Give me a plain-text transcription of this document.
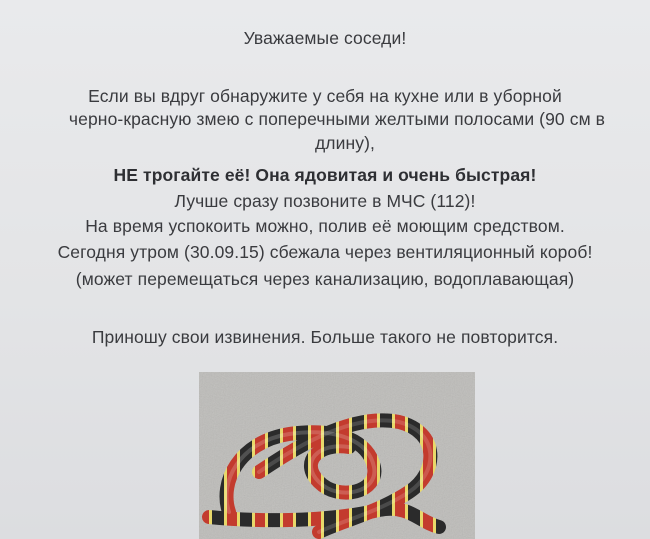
Уважаемые соседи!
Если вы вдруг обнаружите у себя на кухне или в уборной
черно-красную змею с поперечными желтыми полосами (90 см в
длину),
НЕ трогайте её! Она ядовитая и очень быстрая!
Лучше сразу позвоните в МЧС (112)!
На время успокоить можно, полив её моющим средством.
Сегодня утром (30.09.15) сбежала через вентиляционный короб!
(может перемещаться через канализацию, водоплавающая)
Приношу свои извинения. Больше такого не повторится.
